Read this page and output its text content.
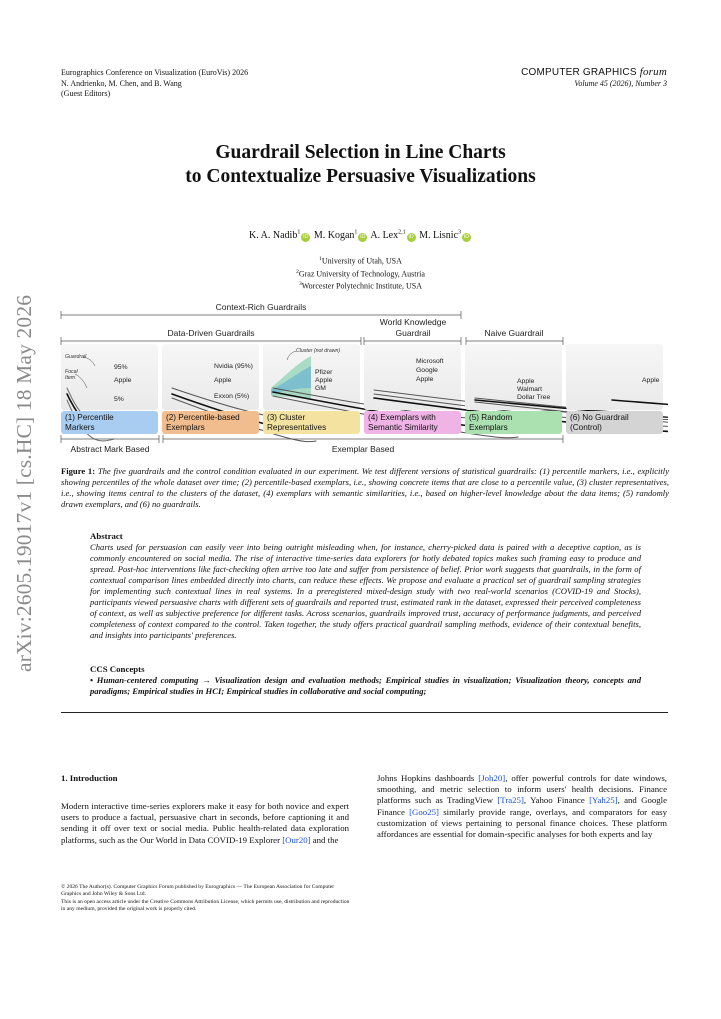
Eurographics Conference on Visualization (EuroVis) 2026
N. Andrienko, M. Chen, and B. Wang
(Guest Editors)
COMPUTER GRAPHICS forum
Volume 45 (2026), Number 3
Guardrail Selection in Line Charts
to Contextualize Persuasive Visualizations
K. A. Nadib$^1$iD M. Kogan$^1$iD A. Lex$^{2,1}$iD M. Lisnic$^3$iD
$^1$University of Utah, USA
$^2$Graz University of Technology, Austria
$^3$Worcester Polytechnic Institute, USA
arXiv:2605.19017v1 [cs.HC] 18 May 2026	Context-Rich Guardrails
Data-Driven Guardrails
World Knowledge
Guardrail	Naive Guardrail
95%
Apple
5%
Guardrail
Focal
Item
(1) Percentile
Markers
Nvidia (95%)
Apple
Exxon (5%)
(2) Percentile-based
Exemplars
Pfizer
Apple
GM
Cluster (not drawn)
(3) Cluster
Representatives
Microsoft
Google
Apple
(4) Exemplars with
Semantic Similarity
Apple
Walmart
Dollar Tree
(5) Random
Exemplars
Apple
(6) No Guardrail
(Control)
Abstract Mark Based	Exemplar Based
Figure 1: The five guardrails and the control condition evaluated in our experiment. We test different versions of statistical guardrails: (1) percentile markers, i.e., explicitly showing percentiles of the whole dataset over time; (2) percentile-based exemplars, i.e., showing concrete items that are close to a percentile value, (3) cluster representatives, i.e., showing items central to the clusters of the dataset, (4) exemplars with semantic similarities, i.e., based on higher-level knowledge about the data items; (5) randomly drawn exemplars, and (6) no guardrails.
Abstract

Charts used for persuasion can easily veer into being outright misleading when, for instance, cherry-picked data is paired with a deceptive caption, as is commonly encountered on social media. The rise of interactive time-series data explorers for hotly debated topics makes such framing easy to produce and spread. Post-hoc interventions like fact-checking often arrive too late and suffer from persistence of belief. Prior work suggests that guardrails, in the form of contextual comparison lines embedded directly into charts, can reduce these effects. We propose and evaluate a practical set of guardrail sampling strategies for implementing such contextual lines in real systems. In a preregistered mixed-design study with two real-world scenarios (COVID-19 and Stocks), participants viewed persuasive charts with different sets of guardrails and reported trust, estimated rank in the dataset, expressed their perceived completeness of context, as well as subjective preference for different tasks. Across scenarios, guardrails improved trust, accuracy of performance judgments, and perceived completeness of context compared to the control. Taken together, the study offers practical guardrail sampling methods, evidence of their contextual benefits, and insights into participants' preferences.

CCS Concepts

• Human-centered computing → Visualization design and evaluation methods; Empirical studies in visualization; Visualization theory, concepts and paradigms; Empirical studies in HCI; Empirical studies in collaborative and social computing;

1. Introduction
Modern interactive time-series explorers make it easy for both novice and expert users to produce a factual, persuasive chart in seconds, before captioning it and sending it off over text or social media. Public health-related data exploration platforms, such as the Our World in Data COVID-19 Explorer [Our20] and the
Johns Hopkins dashboards [Joh20], offer powerful controls for date windows, smoothing, and metric selection to inform users' health decisions. Finance platforms such as TradingView [Tra25], Yahoo Finance [Yah25], and Google Finance [Goo25] similarly provide range, overlays, and comparators for easy customization of views pertaining to personal finance choices. These platform affordances are essential for domain-specific analyses for both experts and lay
© 2026 The Author(s). Computer Graphics Forum published by Eurographics — The European Association for Computer Graphics and John Wiley & Sons Ltd.
This is an open access article under the Creative Commons Attribution License, which permits use, distribution and reproduction in any medium, provided the original work is properly cited.
